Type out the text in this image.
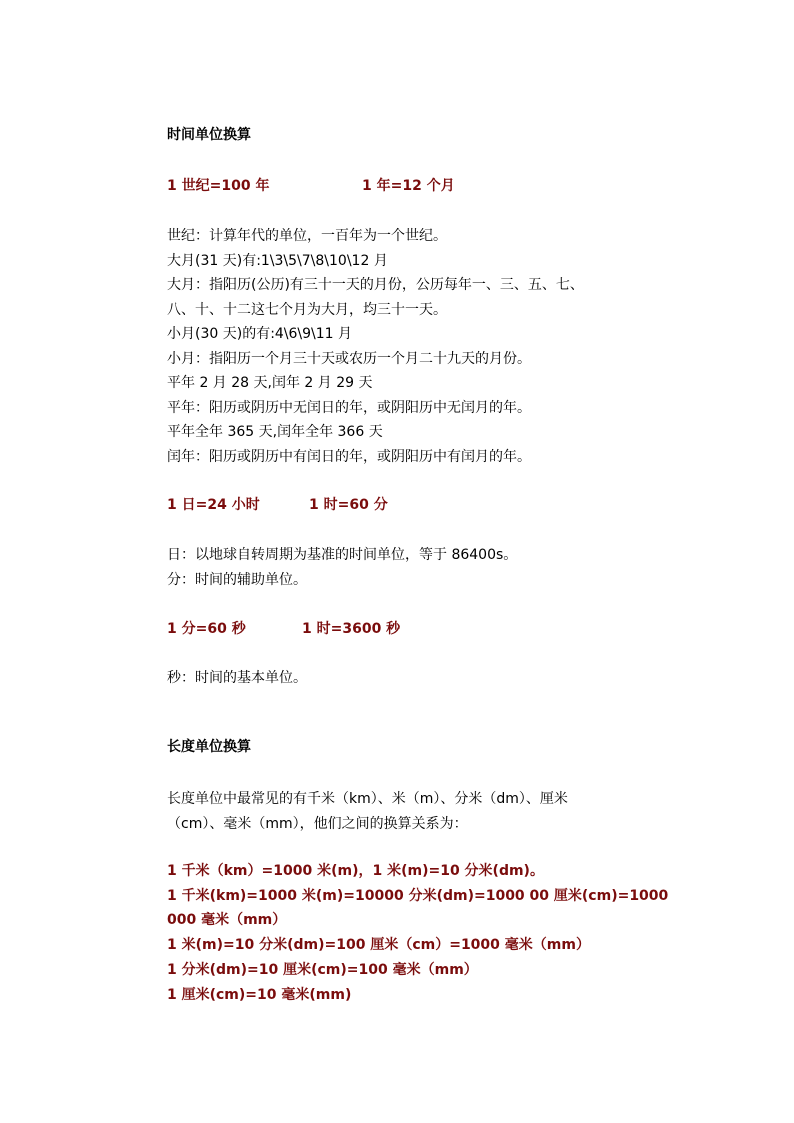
时间单位换算
1 世纪=100 年	1 年=12 个月
世纪：计算年代的单位，一百年为一个世纪。
大月(31 天)有:1\3\5\7\8\10\12 月
大月：指阳历(公历)有三十一天的月份，公历每年一、三、五、七、
八、十、十二这七个月为大月，均三十一天。
小月(30 天)的有:4\6\9\11 月
小月：指阳历一个月三十天或农历一个月二十九天的月份。
平年 2 月 28 天,闰年 2 月 29 天
平年：阳历或阴历中无闰日的年，或阴阳历中无闰月的年。
平年全年 365 天,闰年全年 366 天
闰年：阳历或阴历中有闰日的年，或阴阳历中有闰月的年。
1 日=24 小时	1 时=60 分
日：以地球自转周期为基准的时间单位，等于 86400s。
分：时间的辅助单位。
1 分=60 秒	1 时=3600 秒
秒：时间的基本单位。
长度单位换算
长度单位中最常见的有千米（km）、米（m）、分米（dm）、厘米
（cm）、毫米（mm），他们之间的换算关系为：
1 千米（km）=1000 米(m)，1 米(m)=10 分米(dm)。
1 千米(km)=1000 米(m)=10000 分米(dm)=1000 00 厘米(cm)=1000
000 毫米（mm）
1 米(m)=10 分米(dm)=100 厘米（cm）=1000 毫米（mm）
1 分米(dm)=10 厘米(cm)=100 毫米（mm）
1 厘米(cm)=10 毫米(mm)
